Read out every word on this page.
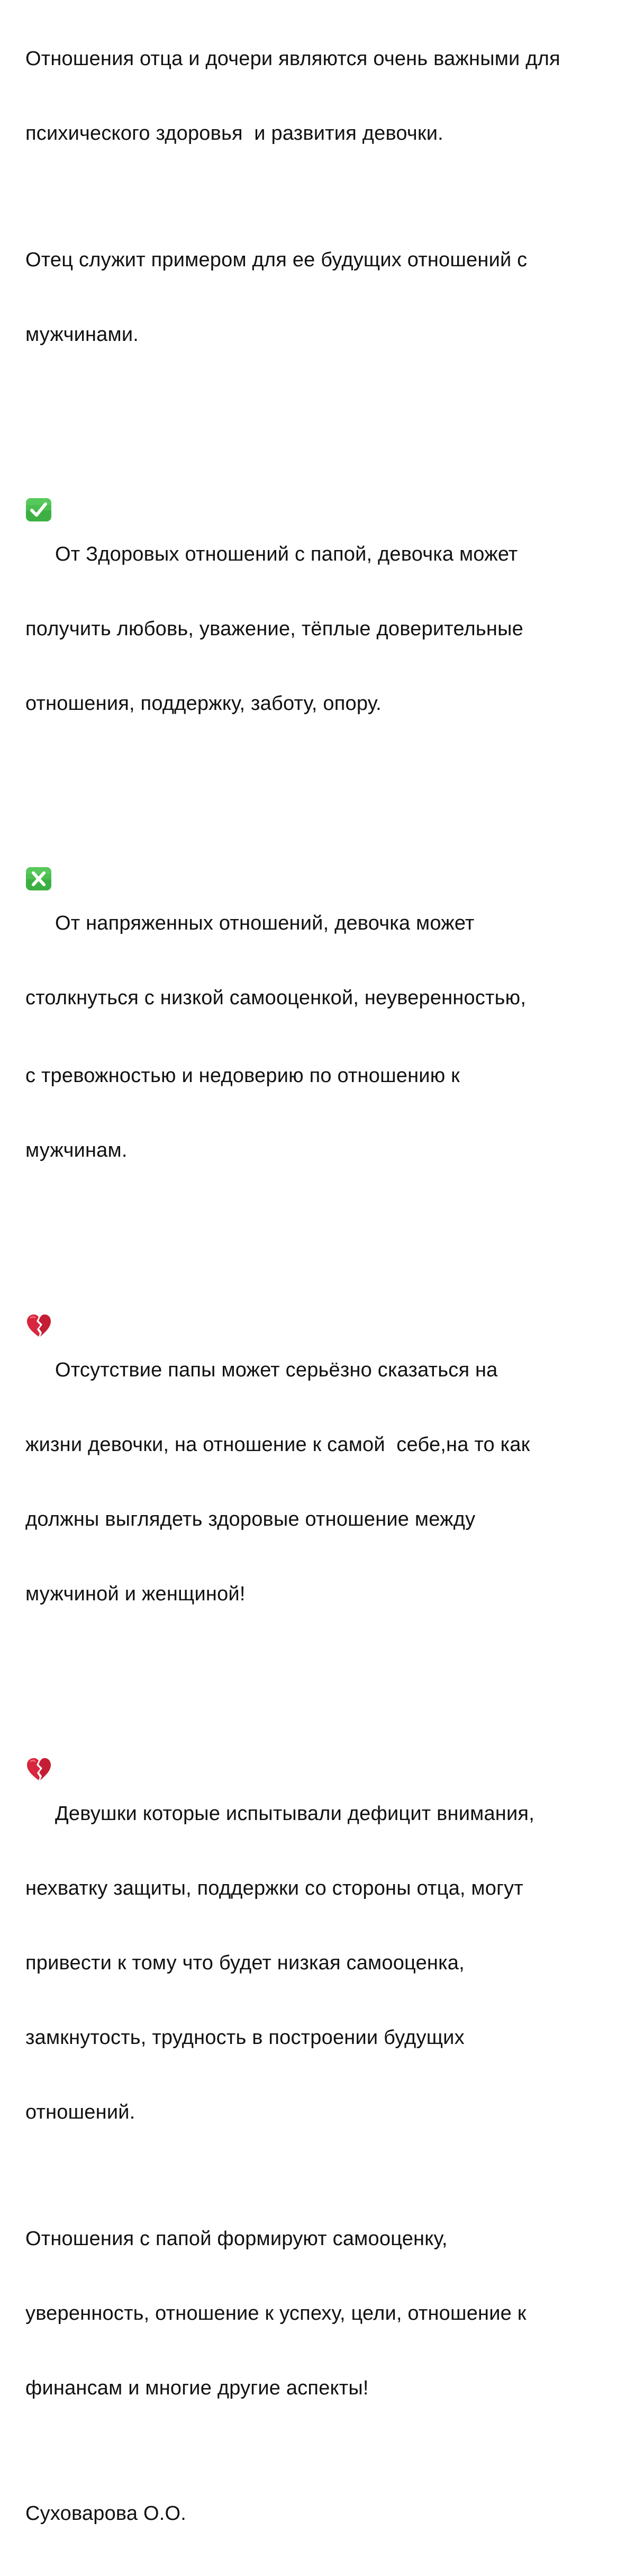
Отношения отца и дочери являются очень важными для

психического здоровья  и развития девочки.

Отец служит примером для ее будущих отношений с

мужчинами.

От Здоровых отношений с папой, девочка может

получить любовь, уважение, тёплые доверительные

отношения, поддержку, заботу, опору.

От напряженных отношений, девочка может

столкнуться с низкой самооценкой, неуверенностью,

с тревожностью и недоверию по отношению к

мужчинам.

Отсутствие папы может серьёзно сказаться на

жизни девочки, на отношение к самой  себе,на то как

должны выглядеть здоровые отношение между

мужчиной и женщиной!

Девушки которые испытывали дефицит внимания,

нехватку защиты, поддержки со стороны отца, могут

привести к тому что будет низкая самооценка,

замкнутость, трудность в построении будущих

отношений.

Отношения с папой формируют самооценку,

уверенность, отношение к успеху, цели, отношение к

финансам и многие другие аспекты!

Суховарова О.О.
